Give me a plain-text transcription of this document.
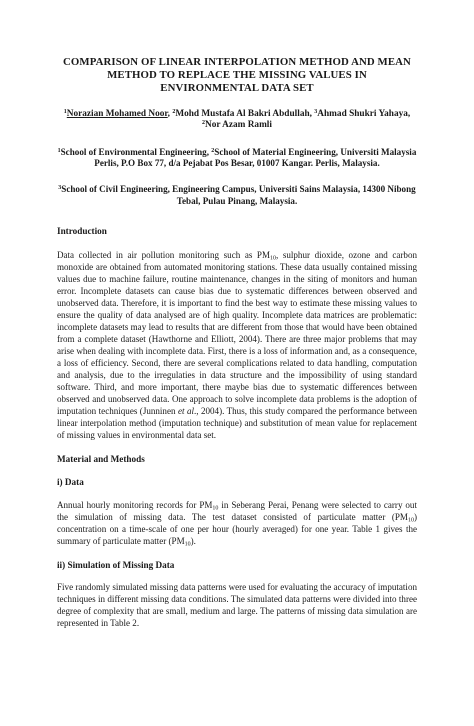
COMPARISON OF LINEAR INTERPOLATION METHOD AND MEAN METHOD TO REPLACE THE MISSING VALUES IN ENVIRONMENTAL DATA SET
$^1$Norazian Mohamed Noor, $^2$Mohd Mustafa Al Bakri Abdullah, $^3$Ahmad Shukri Yahaya,
$^2$Nor Azam Ramli
$^1$School of Environmental Engineering, $^2$School of Material Engineering, Universiti Malaysia Perlis, P.O Box 77, d/a Pejabat Pos Besar, 01007 Kangar. Perlis, Malaysia.
$^3$School of Civil Engineering, Engineering Campus, Universiti Sains Malaysia, 14300 Nibong Tebal, Pulau Pinang, Malaysia.
Introduction

Data collected in air pollution monitoring such as $PM_{10}$, sulphur dioxide, ozone and carbon monoxide are obtained from automated monitoring stations. These data usually contained missing values due to machine failure, routine maintenance, changes in the siting of monitors and human error. Incomplete datasets can cause bias due to systematic differences between observed and unobserved data. Therefore, it is important to find the best way to estimate these missing values to ensure the quality of data analysed are of high quality. Incomplete data matrices are problematic: incomplete datasets may lead to results that are different from those that would have been obtained from a complete dataset (Hawthorne and Elliott, 2004). There are three major problems that may arise when dealing with incomplete data. First, there is a loss of information and, as a consequence, a loss of efficiency. Second, there are several complications related to data handling, computation and analysis, due to the irregulaties in data structure and the impossibility of using standard software. Third, and more important, there maybe bias due to systematic differences between observed and unobserved data. One approach to solve incomplete data problems is the adoption of imputation techniques (Junninen et al., 2004). Thus, this study compared the performance between linear interpolation method (imputation technique) and substitution of mean value for replacement of missing values in environmental data set.

Material and Methods
i) Data

Annual hourly monitoring records for $PM_{10}$ in Seberang Perai, Penang were selected to carry out the simulation of missing data. The test dataset consisted of particulate matter $(PM_{10})$ concentration on a time-scale of one per hour (hourly averaged) for one year. Table 1 gives the summary of particulate matter $(PM_{10})$.

ii) Simulation of Missing Data

Five randomly simulated missing data patterns were used for evaluating the accuracy of imputation techniques in different missing data conditions. The simulated data patterns were divided into three degree of complexity that are small, medium and large. The patterns of missing data simulation are represented in Table 2.
